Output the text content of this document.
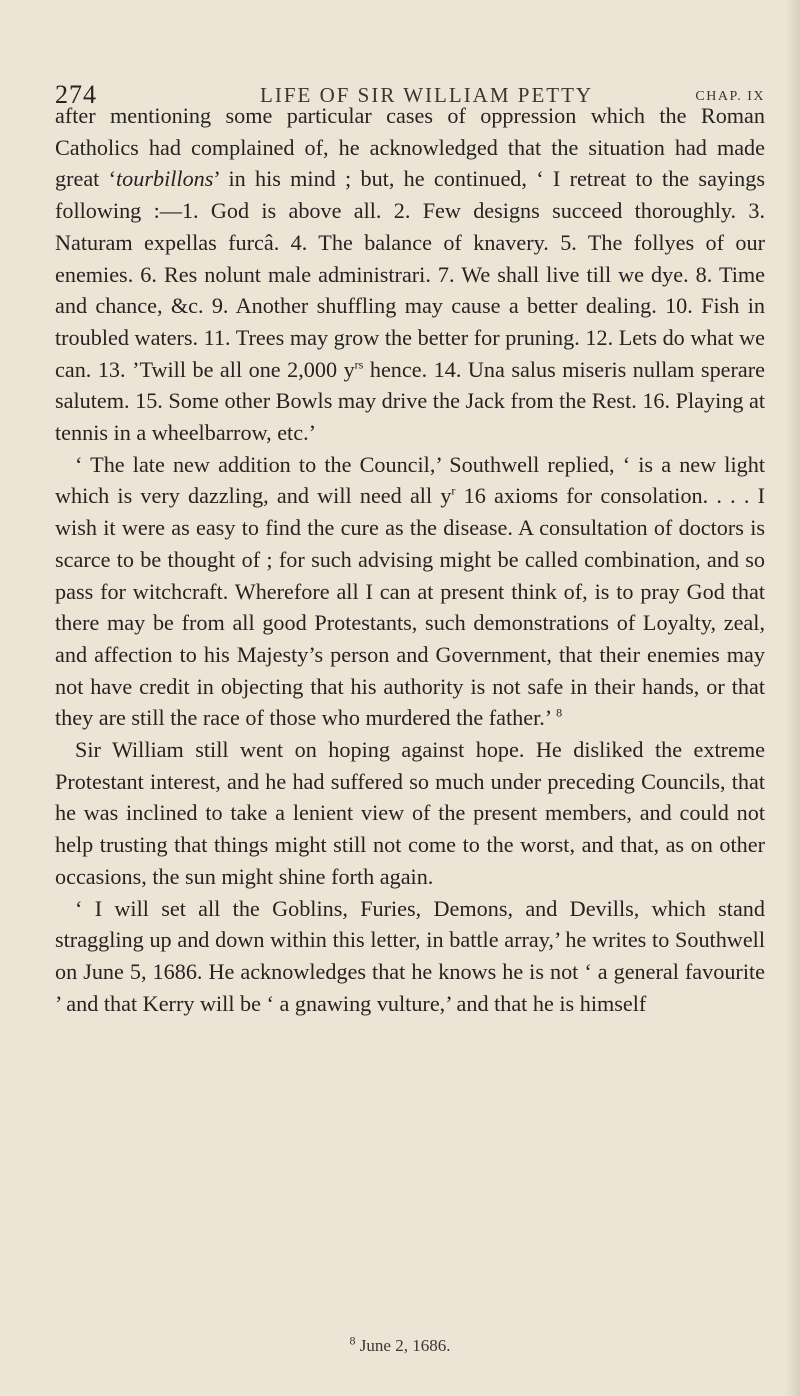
274	LIFE OF SIR WILLIAM PETTY	CHAP. IX

after mentioning some particular cases of oppression which the Roman Catholics had complained of, he acknowledged that the situation had made great ‘tourbillons’ in his mind ; but, he continued, ‘ I retreat to the sayings following :—1. God is above all. 2. Few designs succeed thoroughly. 3. Naturam expellas furcâ. 4. The balance of knavery. 5. The follyes of our enemies. 6. Res nolunt male administrari. 7. We shall live till we dye. 8. Time and chance, &c. 9. Another shuffling may cause a better dealing. 10. Fish in troubled waters. 11. Trees may grow the better for pruning. 12. Lets do what we can. 13. ’Twill be all one 2,000 $y^{rs}$ hence. 14. Una salus miseris nullam sperare salutem. 15. Some other Bowls may drive the Jack from the Rest. 16. Playing at tennis in a wheelbarrow, etc.’

‘ The late new addition to the Council,’ Southwell replied, ‘ is a new light which is very dazzling, and will need all $y^r$ 16 axioms for consolation. . . . I wish it were as easy to find the cure as the disease. A consultation of doctors is scarce to be thought of ; for such advising might be called combination, and so pass for witchcraft. Wherefore all I can at present think of, is to pray God that there may be from all good Protestants, such demonstrations of Loyalty, zeal, and affection to his Majesty’s person and Government, that their enemies may not have credit in objecting that his authority is not safe in their hands, or that they are still the race of those who murdered the father.’ $^8$

Sir William still went on hoping against hope. He disliked the extreme Protestant interest, and he had suffered so much under preceding Councils, that he was inclined to take a lenient view of the present members, and could not help trusting that things might still not come to the worst, and that, as on other occasions, the sun might shine forth again.

‘ I will set all the Goblins, Furies, Demons, and Devills, which stand straggling up and down within this letter, in battle array,’ he writes to Southwell on June 5, 1686. He acknowledges that he knows he is not ‘ a general favourite ’ and that Kerry will be ‘ a gnawing vulture,’ and that he is himself

$^8$ June 2, 1686.
